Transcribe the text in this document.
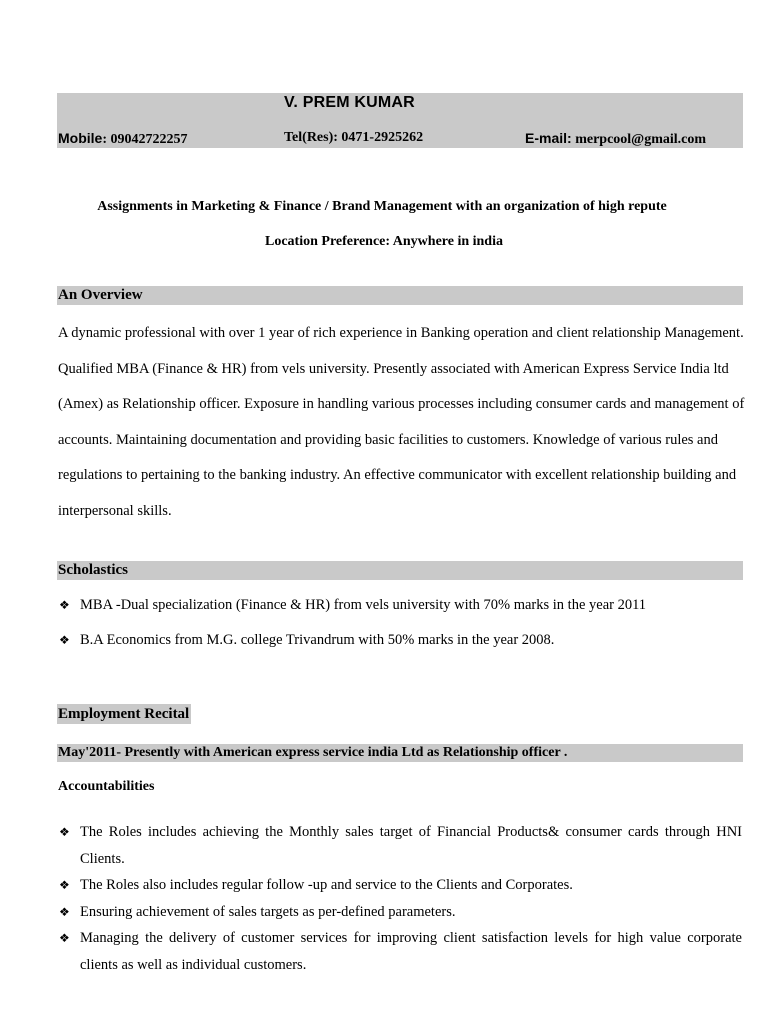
V. PREM KUMAR
Mobile: 09042722257	Tel(Res): 0471-2925262	E-mail: merpcool@gmail.com
Assignments in Marketing & Finance / Brand Management with an organization of high repute
Location Preference: Anywhere in india
An Overview
A dynamic professional with over 1 year of rich experience in Banking operation and client relationship Management. Qualified MBA (Finance & HR) from vels university. Presently associated with American Express Service India ltd (Amex) as Relationship officer. Exposure in handling various processes including consumer cards and management of accounts. Maintaining documentation and providing basic facilities to customers. Knowledge of various rules and regulations to pertaining to the banking industry. An effective communicator with excellent relationship building and interpersonal skills.
Scholastics
❖ MBA -Dual specialization (Finance & HR) from vels university with 70% marks in the year 2011
❖ B.A Economics from M.G. college Trivandrum with 50% marks in the year 2008.
Employment Recital
May'2011- Presently with American express service india Ltd as Relationship officer .
Accountabilities
❖ The Roles includes achieving the Monthly sales target of Financial Products& consumer cards through HNI Clients.
❖ The Roles also includes regular follow -up and service to the Clients and Corporates.
❖ Ensuring achievement of sales targets as per-defined parameters.
❖ Managing the delivery of customer services for improving client satisfaction levels for high value corporate clients as well as individual customers.
